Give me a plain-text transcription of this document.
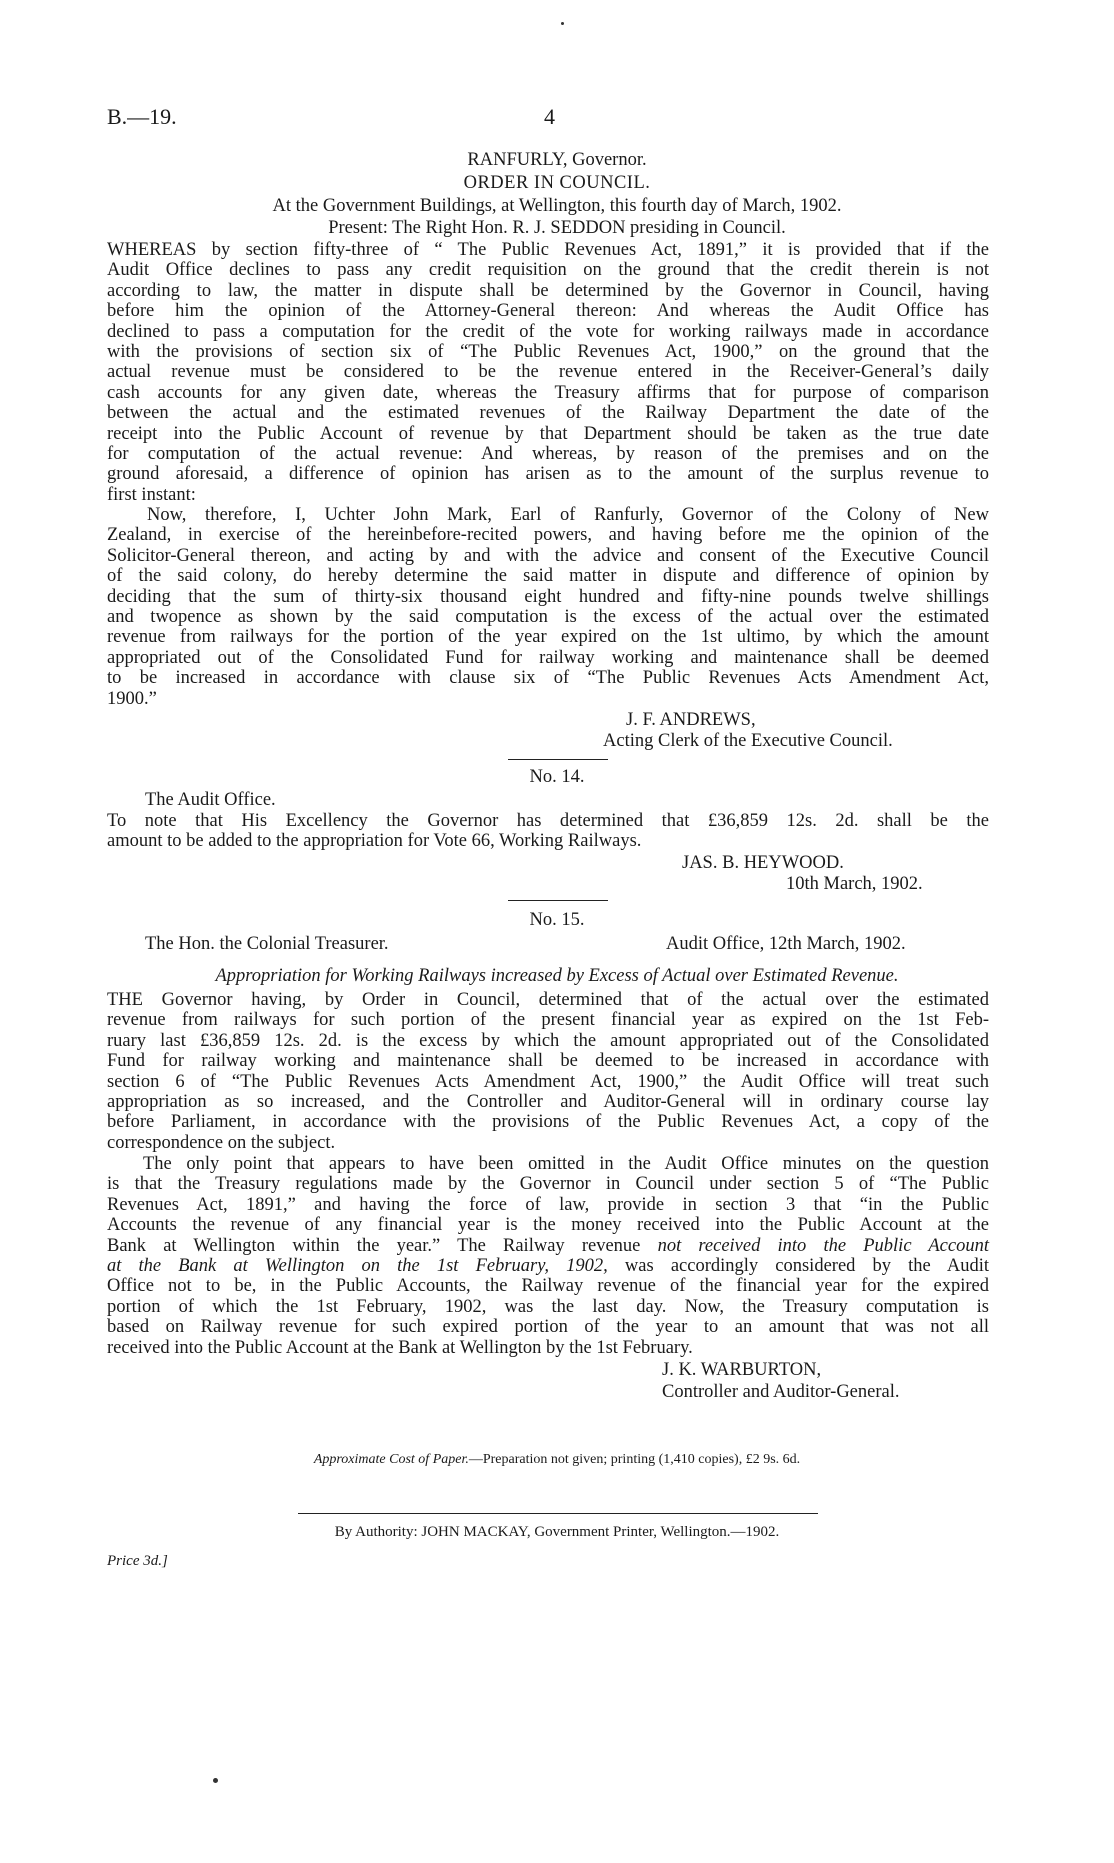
B.—19.	4
RANFURLY, Governor.
ORDER IN COUNCIL.
At the Government Buildings, at Wellington, this fourth day of March, 1902.
Present: The Right Hon. R. J. SEDDON presiding in Council.
WHEREAS by section fifty-three of “ The Public Revenues Act, 1891,” it is provided that if the
Audit Office declines to pass any credit requisition on the ground that the credit therein is not
according to law, the matter in dispute shall be determined by the Governor in Council, having
before him the opinion of the Attorney-General thereon: And whereas the Audit Office has
declined to pass a computation for the credit of the vote for working railways made in accordance
with the provisions of section six of “The Public Revenues Act, 1900,” on the ground that the
actual revenue must be considered to be the revenue entered in the Receiver-General’s daily
cash accounts for any given date, whereas the Treasury affirms that for purpose of comparison
between the actual and the estimated revenues of the Railway Department the date of the
receipt into the Public Account of revenue by that Department should be taken as the true date
for computation of the actual revenue: And whereas, by reason of the premises and on the
ground aforesaid, a difference of opinion has arisen as to the amount of the surplus revenue to
first instant:
Now, therefore, I, Uchter John Mark, Earl of Ranfurly, Governor of the Colony of New
Zealand, in exercise of the hereinbefore-recited powers, and having before me the opinion of the
Solicitor-General thereon, and acting by and with the advice and consent of the Executive Council
of the said colony, do hereby determine the said matter in dispute and difference of opinion by
deciding that the sum of thirty-six thousand eight hundred and fifty-nine pounds twelve shillings
and twopence as shown by the said computation is the excess of the actual over the estimated
revenue from railways for the portion of the year expired on the 1st ultimo, by which the amount
appropriated out of the Consolidated Fund for railway working and maintenance shall be deemed
to be increased in accordance with clause six of “The Public Revenues Acts Amendment Act,
1900.”
J. F. ANDREWS,
Acting Clerk of the Executive Council.
No. 14.
The Audit Office.
To note that His Excellency the Governor has determined that £36,859 12s. 2d. shall be the
amount to be added to the appropriation for Vote 66, Working Railways.
JAS. B. HEYWOOD.
10th March, 1902.
No. 15.
The Hon. the Colonial Treasurer.	Audit Office, 12th March, 1902.
Appropriation for Working Railways increased by Excess of Actual over Estimated Revenue.
THE Governor having, by Order in Council, determined that of the actual over the estimated
revenue from railways for such portion of the present financial year as expired on the 1st Feb-
ruary last £36,859 12s. 2d. is the excess by which the amount appropriated out of the Consolidated
Fund for railway working and maintenance shall be deemed to be increased in accordance with
section 6 of “The Public Revenues Acts Amendment Act, 1900,” the Audit Office will treat such
appropriation as so increased, and the Controller and Auditor-General will in ordinary course lay
before Parliament, in accordance with the provisions of the Public Revenues Act, a copy of the
correspondence on the subject.
The only point that appears to have been omitted in the Audit Office minutes on the question
is that the Treasury regulations made by the Governor in Council under section 5 of “The Public
Revenues Act, 1891,” and having the force of law, provide in section 3 that “in the Public
Accounts the revenue of any financial year is the money received into the Public Account at the
Bank at Wellington within the year.” The Railway revenue not received into the Public Account
at the Bank at Wellington on the 1st February, 1902, was accordingly considered by the Audit
Office not to be, in the Public Accounts, the Railway revenue of the financial year for the expired
portion of which the 1st February, 1902, was the last day. Now, the Treasury computation is
based on Railway revenue for such expired portion of the year to an amount that was not all
received into the Public Account at the Bank at Wellington by the 1st February.
J. K. WARBURTON,
Controller and Auditor-General.
Approximate Cost of Paper.—Preparation not given; printing (1,410 copies), £2 9s. 6d.
By Authority: JOHN MACKAY, Government Printer, Wellington.—1902.
Price 3d.]
